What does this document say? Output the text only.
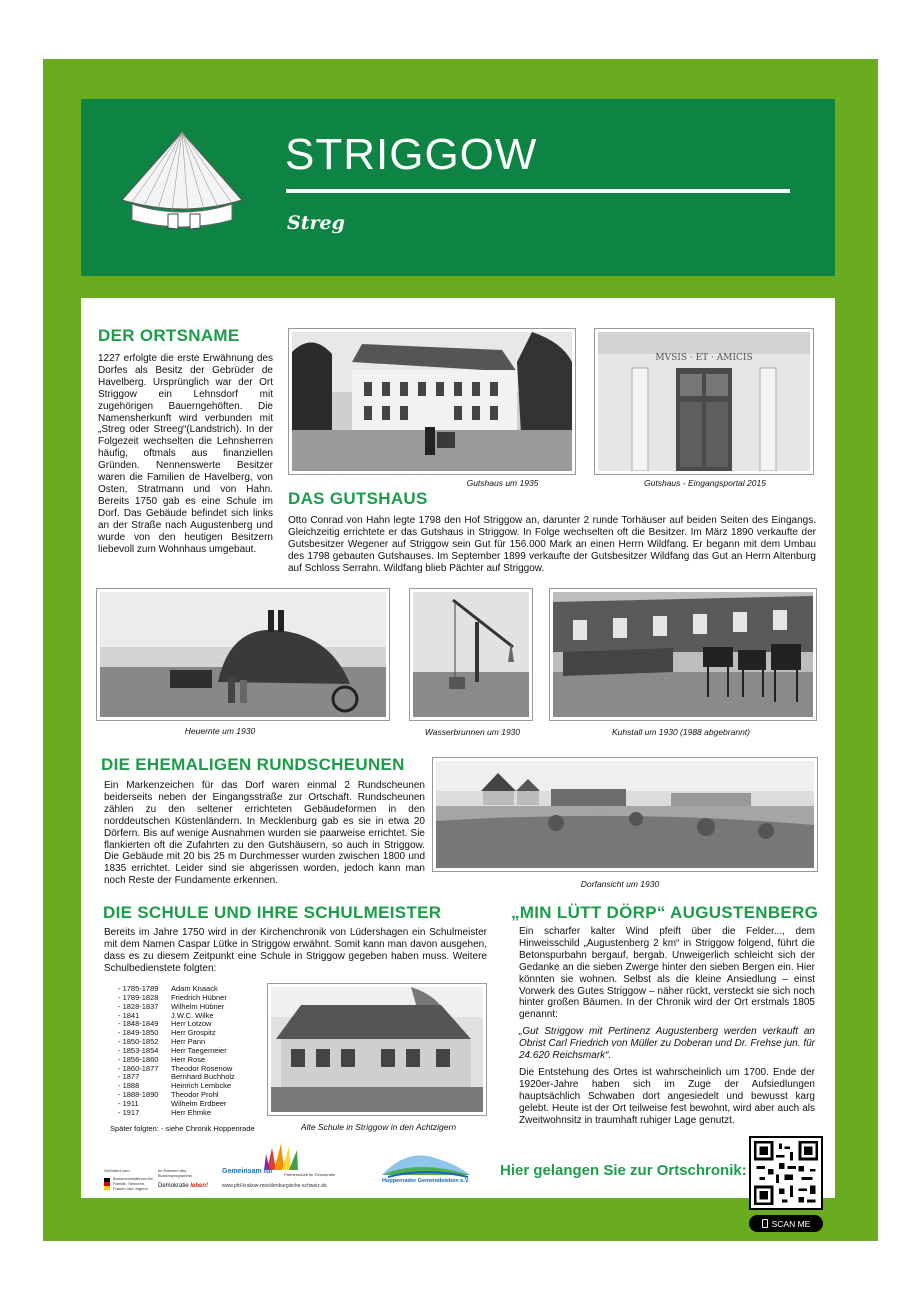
STRIGGOW
Streg
DER ORTSNAME
1227 erfolgte die erste Erwähnung des Dorfes als Besitz der Gebrüder de Havelberg. Ursprünglich war der Ort Striggow ein Lehnsdorf mit zugehörigen Bauerngehöften. Die Namensherkunft wird verbunden mit „Streg oder Streeg“(Landstrich). In der Folgezeit wechselten die Lehnsherren häufig, oftmals aus finanziellen Gründen. Nennenswerte Besitzer waren die Familien de Havelberg, von Osten, Stratmann und von Hahn. Bereits 1750 gab es eine Schule im Dorf. Das Gebäude befindet sich links an der Straße nach Augustenberg und wurde von den heutigen Besitzern liebevoll zum Wohnhaus umgebaut.
Gutshaus um 1935
MVSIS · ET · AMICIS
Gutshaus - Eingangsportal 2015
DAS GUTSHAUS
Otto Conrad von Hahn legte 1798 den Hof Striggow an, darunter 2 runde Torhäuser auf beiden Seiten des Eingangs. Gleichzeitig errichtete er das Gutshaus in Striggow. In Folge wechselten oft die Besitzer. Im März 1890 verkaufte der Gutsbesitzer Wegener auf Striggow sein Gut für 156.000 Mark an einen Herrn Wildfang. Er begann mit dem Umbau des 1798 gebauten Gutshauses. Im September 1899 verkaufte der Gutsbesitzer Wildfang das Gut an Herrn Altenburg auf Schloss Serrahn. Wildfang blieb Pächter auf Striggow.
Heuernte um 1930	Wasserbrunnen um 1930	Kuhstall um 1930 (1988 abgebrannt)
DIE EHEMALIGEN RUNDSCHEUNEN
Ein Markenzeichen für das Dorf waren einmal 2 Rundscheunen beiderseits neben der Eingangsstraße zur Ortschaft. Rundscheunen zählen zu den seltener errichteten Gebäudeformen in den norddeutschen Küstenländern. In Mecklenburg gab es sie in etwa 20 Dörfern. Bis auf wenige Ausnahmen wurden sie paarweise errichtet. Sie flankierten oft die Zufahrten zu den Gutshäusern, so auch in Striggow. Die Gebäude mit 20 bis 25 m Durchmesser wurden zwischen 1800 und 1835 errichtet. Leider sind sie abgerissen worden, jedoch kann man noch Reste der Fundamente erkennen.	Dorfansicht um 1930
DIE SCHULE UND IHRE SCHULMEISTER
Bereits im Jahre 1750 wird in der Kirchenchronik von Lüdershagen ein Schulmeister mit dem Namen Caspar Lütke in Striggow erwähnt. Somit kann man davon ausgehen, dass es zu diesem Zeitpunkt eine Schule in Striggow gegeben haben muss. Weitere Schulbedienstete folgten:
- 1785-1789	Adam Knaack
- 1789-1828	Friedrich Hübner
- 1828-1837	Wilhelm Hübner
- 1841	J.W.C. Wilke
- 1848-1849	Herr Lotzow
- 1849-1850	Herr Grospitz
- 1850-1852	Herr Pann
- 1853-1854	Herr Taegemeier
- 1856-1860	Herr Rose
- 1860-1877	Theodor Rosenow
- 1877	Bernhard Buchholz
- 1888	Heinrich Lembcke
- 1888-1890	Theodor Prohl
- 1911	Wilhelm Erdbeer
- 1917	Herr Ehmke
Später folgten: - siehe Chronik Hoppenrade	Alte Schule in Striggow in den Achtzigern
„MIN LÜTT DÖRP“ AUGUSTENBERG

Ein scharfer kalter Wind pfeift über die Felder..., dem Hinweisschild „Augustenberg 2 km“ in Striggow folgend, führt die Betonspurbahn bergauf, bergab. Unweigerlich schleicht sich der Gedanke an die sieben Zwerge hinter den sieben Bergen ein. Hier könnten sie wohnen. Selbst als die kleine Ansiedlung – einst Vorwerk des Gutes Striggow – näher rückt, versteckt sie sich noch hinter großen Bäumen. In der Chronik wird der Ort erstmals 1805 genannt:

„Gut Striggow mit Pertinenz Augustenberg werden verkauft an Obrist Carl Friedrich von Müller zu Doberan und Dr. Frehse jun. für 24.620 Reichsmark“.

Die Entstehung des Ortes ist wahrscheinlich um 1700. Ende der 1920er-Jahre haben sich im Zuge der Aufsiedlungen hauptsächlich Schwaben dort angesiedelt und bewusst karg gelebt. Heute ist der Ort teilweise fest bewohnt, wird aber auch als Zweitwohnsitz in traumhaft ruhiger Lage genutzt.

Gefördert vom
Bundesministerium für Familie, Senioren, Frauen und Jugend
Im Rahmen des Bundesprogramms
Demokratie leben!
Gemeinsam für	Partnerschaft für Demokratie
www.pfd-krakow-mecklenburgische-schweiz.de
Hoppenrader Gemeindeleben e.V.
Hier gelangen Sie zur Ortschronik:
SCAN ME
